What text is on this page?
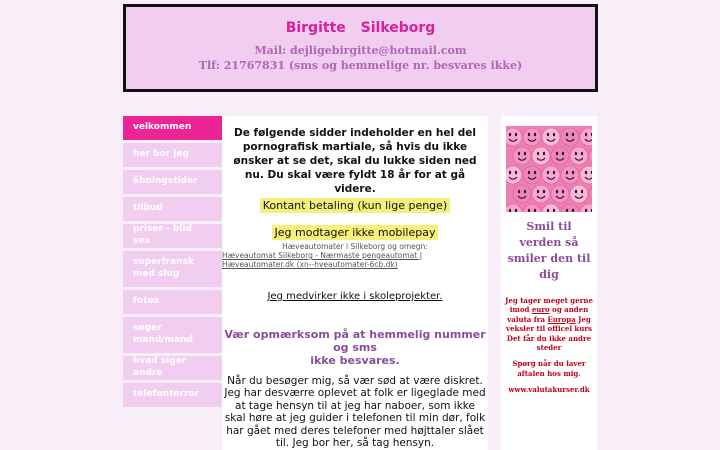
Birgitte Silkeborg
Mail: dejligebirgitte@hotmail.com
Tlf: 21767831 (sms og hemmelige nr. besvares ikke)
velkommen
her bor jeg
åbningstider
tilbud
priser - blid sex
superfransk med slug
fotos
søger mand/mand
hvad siger andre
telefonterror
De følgende sidder indeholder en hel del pornografisk martiale, så hvis du ikke ønsker at se det, skal du lukke siden ned nu. Du skal være fyldt 18 år for at gå videre.
Kontant betaling (kun lige penge)
Jeg modtager ikke mobilepay
Hæveautomater i Silkeborg og omegn:
Hæveautomat Silkeborg - Nærmaste pengeautomat |
Hæveautomater.dk (xn--hveautomater-6cb.dk)
Jeg medvirker ikke i skoleprojekter.
Vær opmærksom på at hemmelig nummer og sms
ikke besvares.
Når du besøger mig, så vær sød at være diskret. Jeg har desværre oplevet at folk er ligeglade med at tage hensyn til at jeg har naboer, som ikke skal høre at jeg guider i telefonen til min dør, folk har gået med deres telefoner med højttaler slået til. Jeg bor her, så tag hensyn.
Smil til verden så smiler den til dig

Jeg tager meget gerne imod euro og anden valuta fra Europa Jeg veksler til officel kurs Det får du ikke andre steder

Spørg når du laver aftalen hos mig.

www.valutakurser.dk
